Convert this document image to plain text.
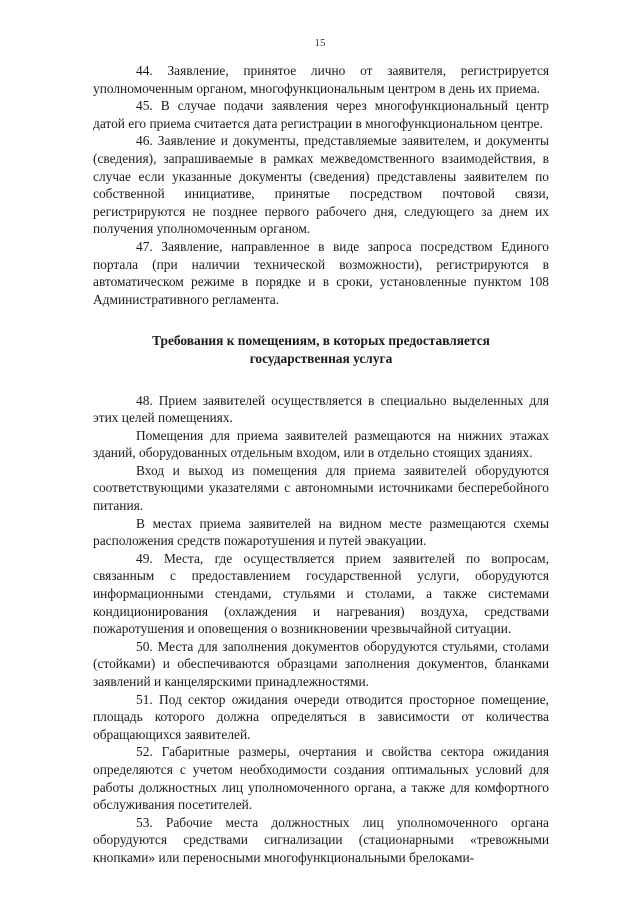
15

44. Заявление, принятое лично от заявителя, регистрируется уполномоченным органом, многофункциональным центром в день их приема.

45. В случае подачи заявления через многофункциональный центр датой его приема считается дата регистрации в многофункциональном центре.

46. Заявление и документы, представляемые заявителем, и документы (сведения), запрашиваемые в рамках межведомственного взаимодействия, в случае если указанные документы (сведения) представлены заявителем по собственной инициативе, принятые посредством почтовой связи, регистрируются не позднее первого рабочего дня, следующего за днем их получения уполномоченным органом.

47. Заявление, направленное в виде запроса посредством Единого портала (при наличии технической возможности), регистрируются в автоматическом режиме в порядке и в сроки, установленные пунктом 108 Административного регламента.

Требования к помещениям, в которых предоставляется
государственная услуга

48. Прием заявителей осуществляется в специально выделенных для этих целей помещениях.

Помещения для приема заявителей размещаются на нижних этажах зданий, оборудованных отдельным входом, или в отдельно стоящих зданиях.

Вход и выход из помещения для приема заявителей оборудуются соответствующими указателями с автономными источниками бесперебойного питания.

В местах приема заявителей на видном месте размещаются схемы расположения средств пожаротушения и путей эвакуации.

49. Места, где осуществляется прием заявителей по вопросам, связанным с предоставлением государственной услуги, оборудуются информационными стендами, стульями и столами, а также системами кондиционирования (охлаждения и нагревания) воздуха, средствами пожаротушения и оповещения о возникновении чрезвычайной ситуации.

50. Места для заполнения документов оборудуются стульями, столами (стойками) и обеспечиваются образцами заполнения документов, бланками заявлений и канцелярскими принадлежностями.

51. Под сектор ожидания очереди отводится просторное помещение, площадь которого должна определяться в зависимости от количества обращающихся заявителей.

52. Габаритные размеры, очертания и свойства сектора ожидания определяются с учетом необходимости создания оптимальных условий для работы должностных лиц уполномоченного органа, а также для комфортного обслуживания посетителей.

53. Рабочие места должностных лиц уполномоченного органа оборудуются средствами сигнализации (стационарными «тревожными кнопками» или переносными многофункциональными брелоками-
